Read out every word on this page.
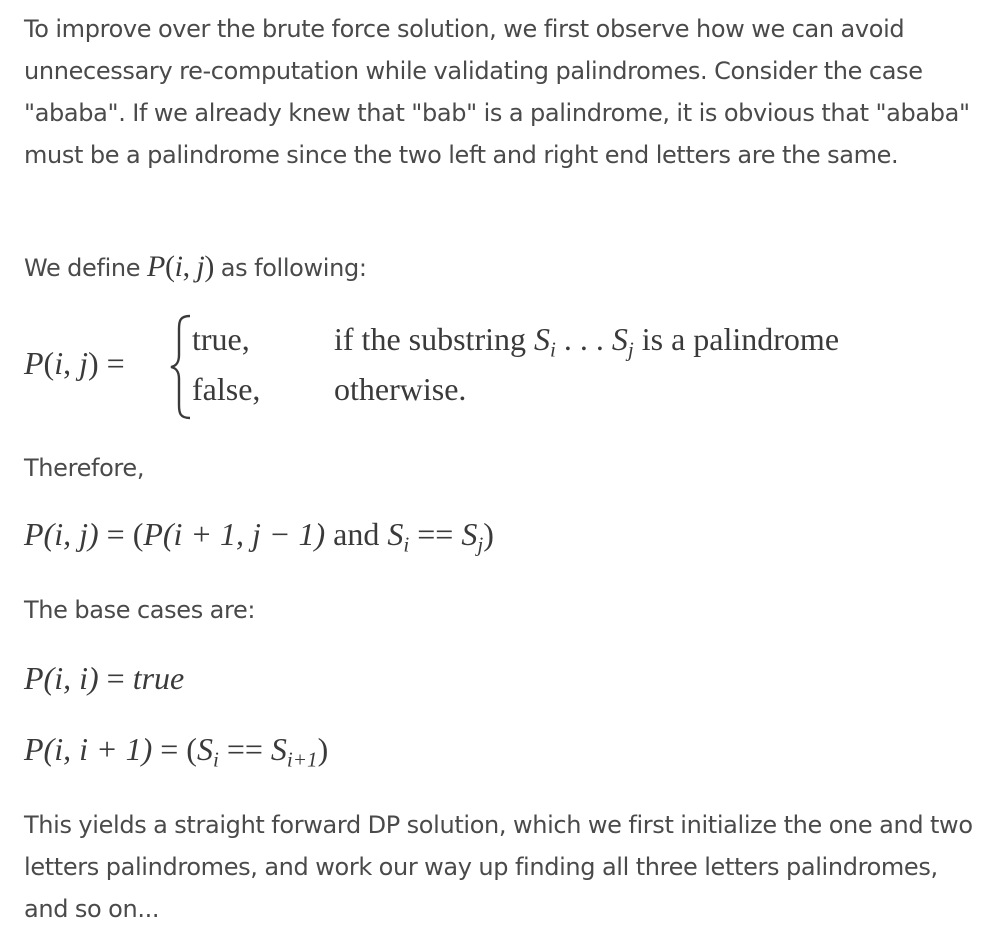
To improve over the brute force solution, we first observe how we can avoid unnecessary re-computation while validating palindromes. Consider the case "ababa". If we already knew that "bab" is a palindrome, it is obvious that "ababa" must be a palindrome since the two left and right end letters are the same.

We define P(i, j) as following:

P(i, j) =
true,	if the substring $S_i$ . . . $S_j$ is a palindrome
false, otherwise.

Therefore,

P(i, j) = (P(i + 1, j − 1) and $S_i == S_j$)

The base cases are:

P(i, i) = true
P(i, $i + 1) = (S_i == S_{i+1})$

This yields a straight forward DP solution, which we first initialize the one and two letters palindromes, and work our way up finding all three letters palindromes, and so on...
